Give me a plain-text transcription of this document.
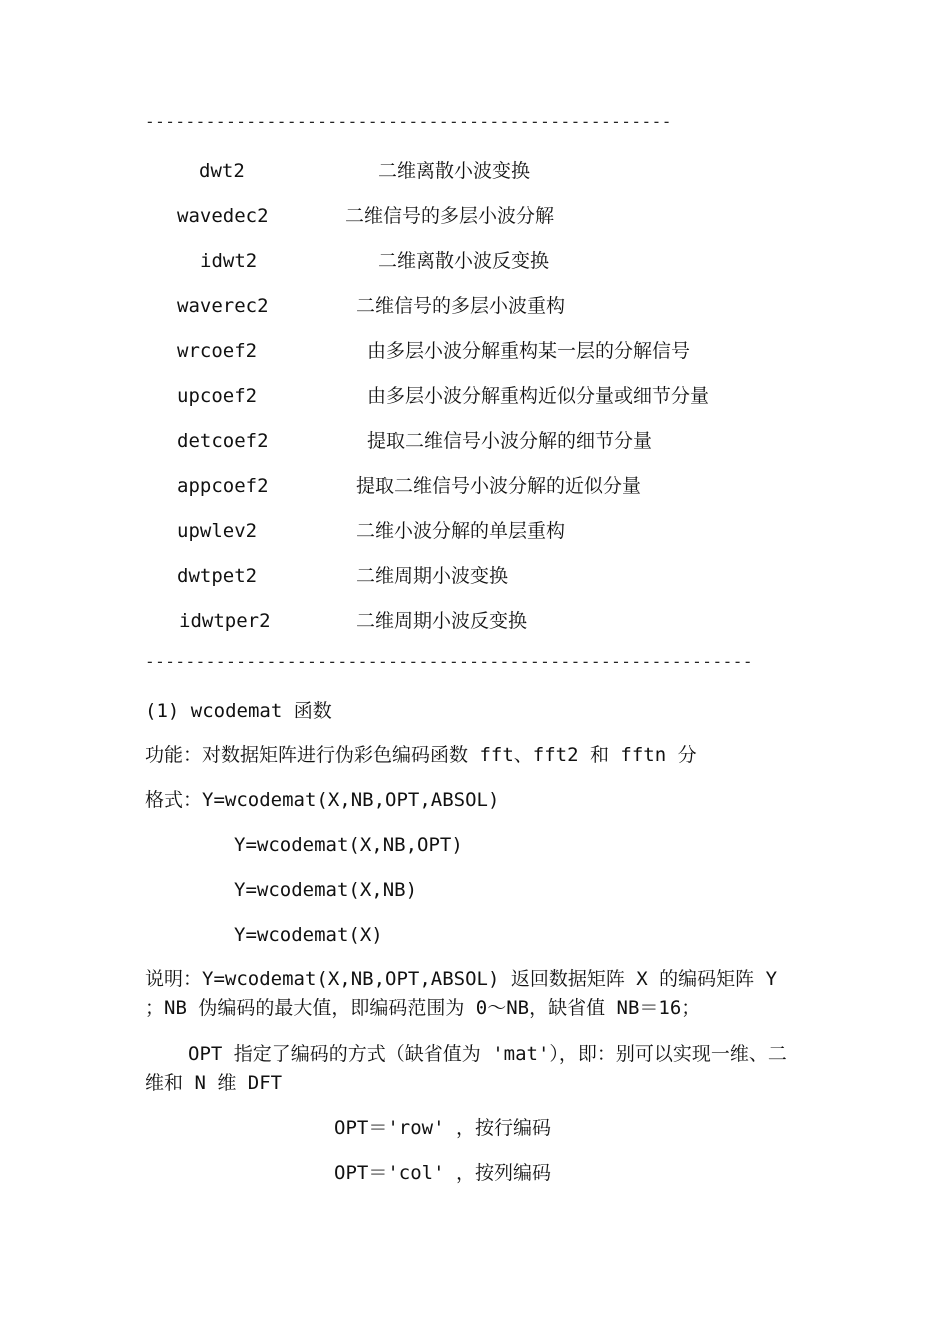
----------------------------------------------------
dwt2	二维离散小波变换
wavedec2	二维信号的多层小波分解
idwt2	二维离散小波反变换
waverec2	二维信号的多层小波重构
wrcoef2	由多层小波分解重构某一层的分解信号
upcoef2	由多层小波分解重构近似分量或细节分量
detcoef2	提取二维信号小波分解的细节分量
appcoef2	提取二维信号小波分解的近似分量
upwlev2	二维小波分解的单层重构
dwtpet2	二维周期小波变换
idwtper2	二维周期小波反变换
------------------------------------------------------------
(1) wcodemat 函数
功能：对数据矩阵进行伪彩色编码函数 fft、fft2 和 fftn 分
格式：Y=wcodemat(X,NB,OPT,ABSOL)
Y=wcodemat(X,NB,OPT)
Y=wcodemat(X,NB)
Y=wcodemat(X)
说明：Y=wcodemat(X,NB,OPT,ABSOL) 返回数据矩阵 X 的编码矩阵 Y ；NB 伪编码的最大值，即编码范围为 0～NB，缺省值 NB＝16；
OPT 指定了编码的方式（缺省值为 'mat'），即：别可以实现一维、二维和 N 维 DFT
OPT＝'row' ，按行编码
OPT＝'col' ，按列编码
